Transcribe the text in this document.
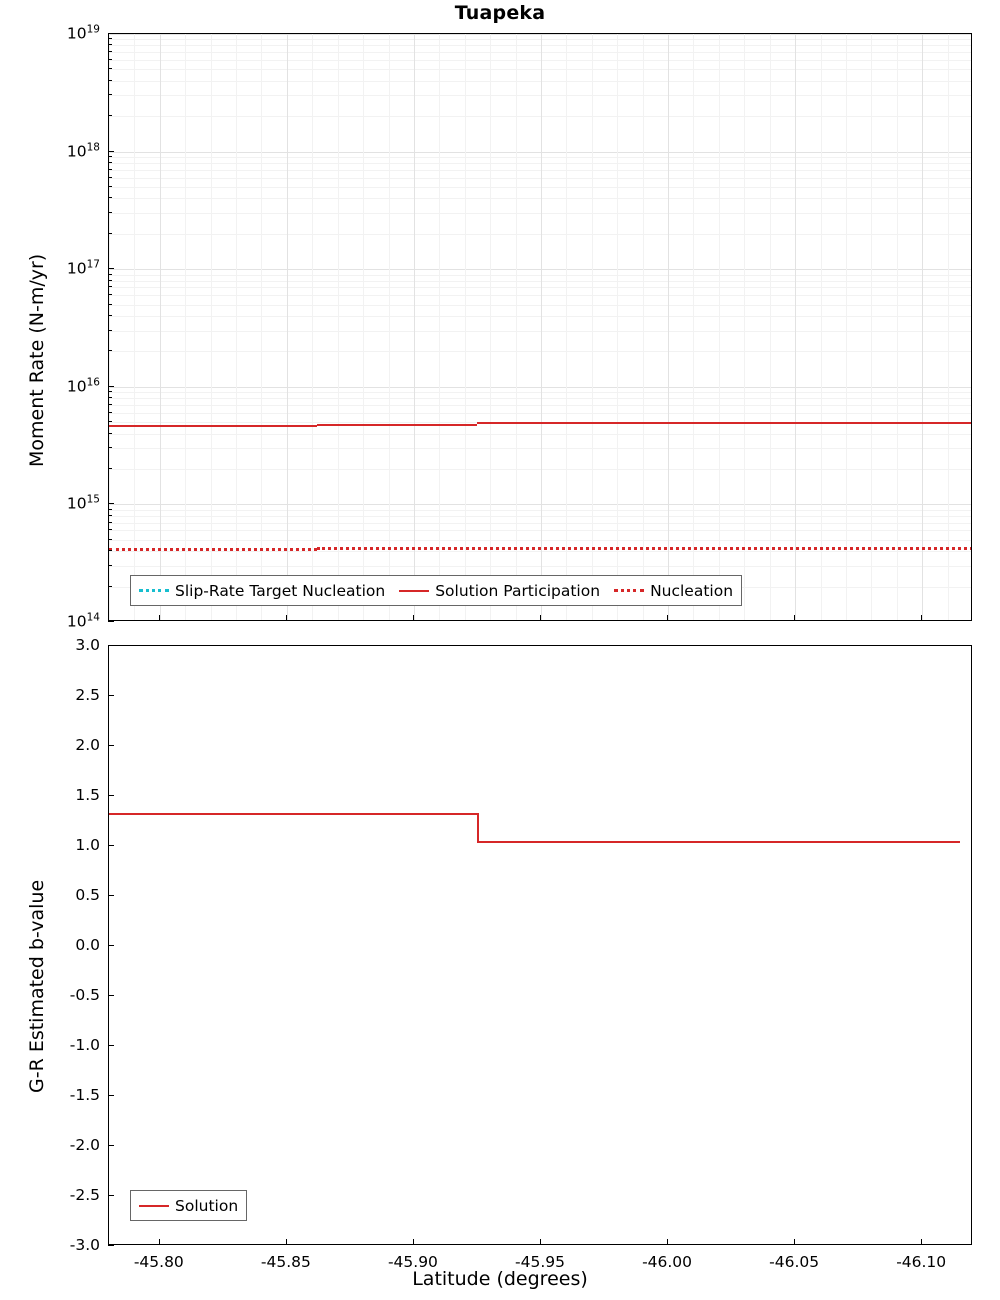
Tuapeka
Moment Rate (N-m/yr)
G-R Estimated b-value
Latitude (degrees)
$10^{19}$
$10^{18}$
$10^{17}$
$10^{16}$
$10^{15}$
$10^{14}$
3.0
2.5
2.0
1.5
1.0
0.5
0.0
-0.5
-1.0
-1.5
-2.0
-2.5
-3.0
-45.80	-45.85	-45.90	-45.95	-46.00	-46.05	-46.10
Slip-Rate Target Nucleation	Solution Participation	Nucleation
Solution
